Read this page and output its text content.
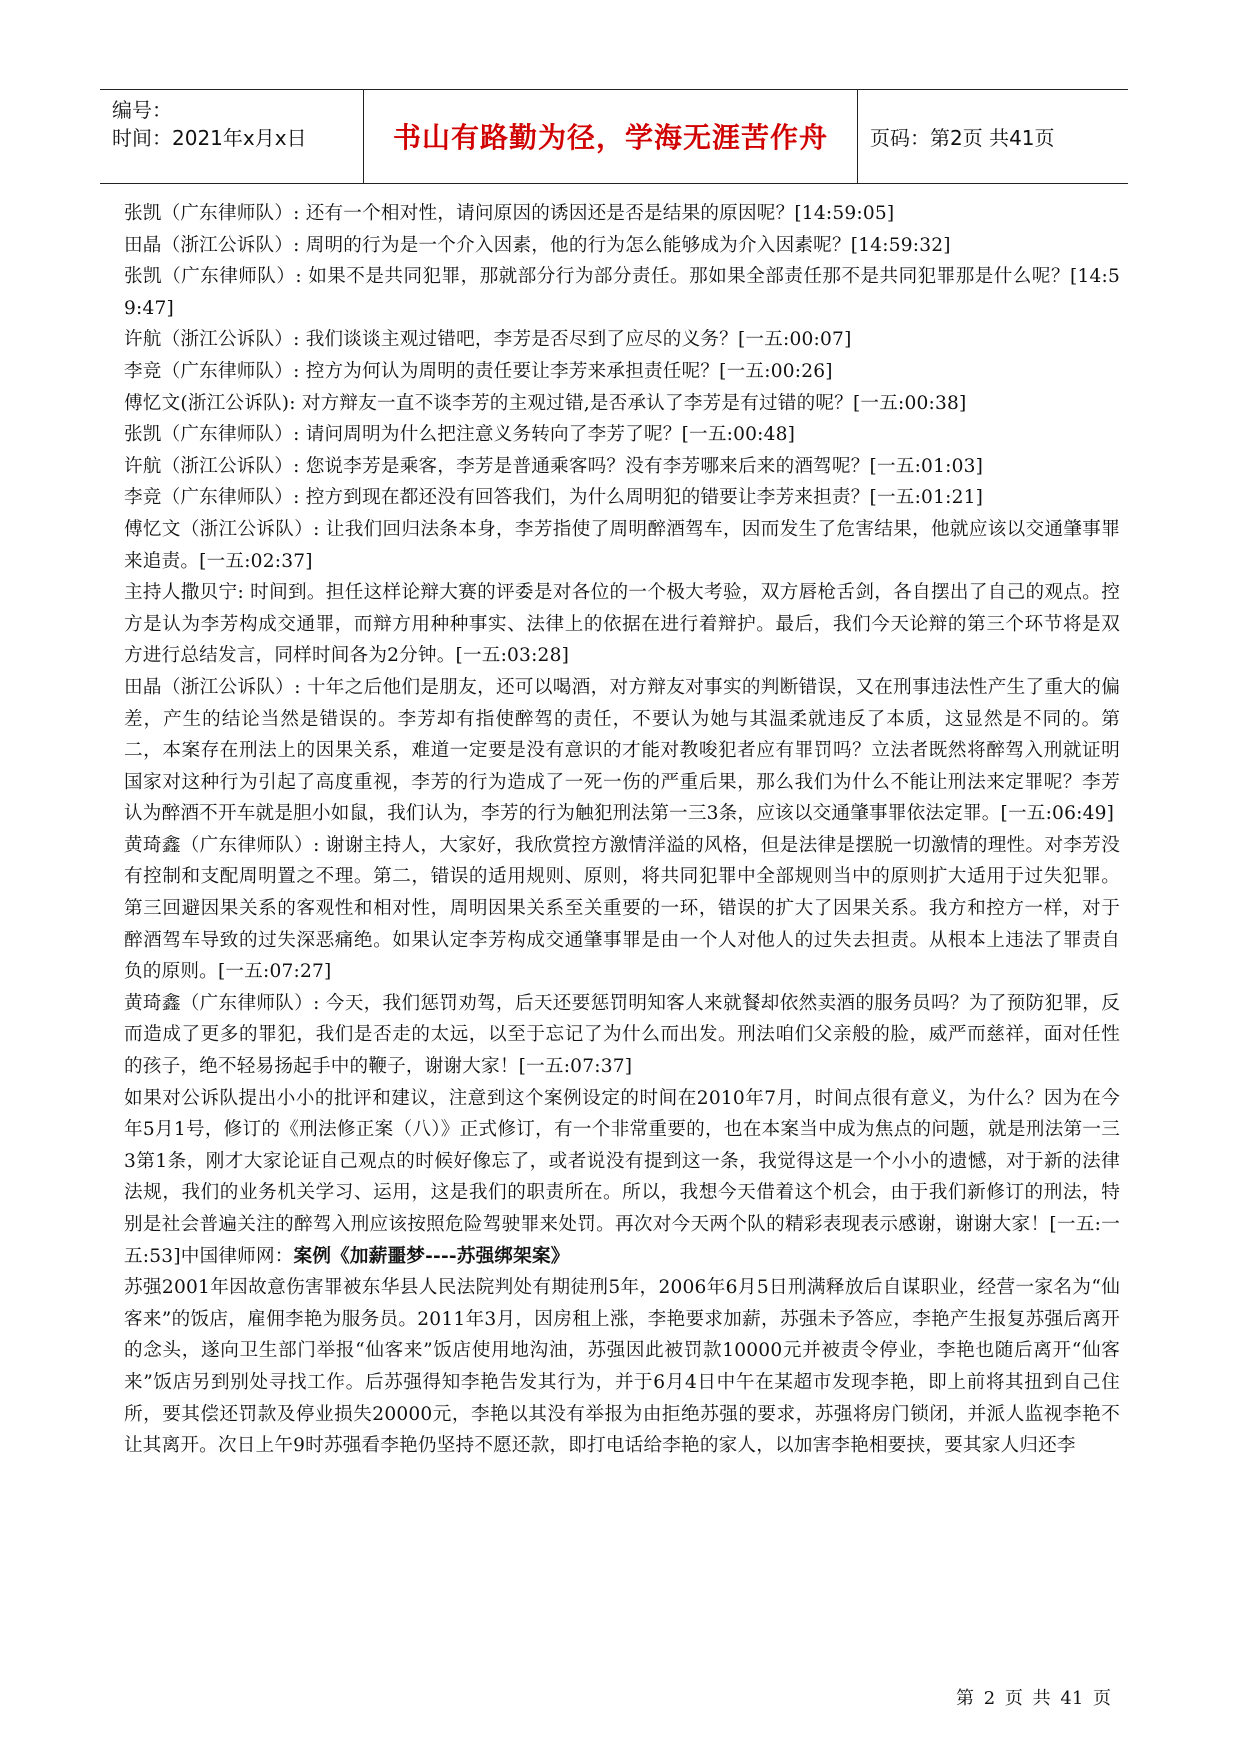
编号：
时间：2021年x月x日	书山有路勤为径，学海无涯苦作舟	页码：第2页 共41页

张凯（广东律师队）: 还有一个相对性，请问原因的诱因还是否是结果的原因呢？[14:59:05]

田晶（浙江公诉队）: 周明的行为是一个介入因素，他的行为怎么能够成为介入因素呢？[14:59:32]

张凯（广东律师队）: 如果不是共同犯罪，那就部分行为部分责任。那如果全部责任那不是共同犯罪那是什么呢？[14:59:47]

许航（浙江公诉队）: 我们谈谈主观过错吧，李芳是否尽到了应尽的义务？[一五:00:07]

李竞（广东律师队）: 控方为何认为周明的责任要让李芳来承担责任呢？[一五:00:26]

傅忆文(浙江公诉队): 对方辩友一直不谈李芳的主观过错,是否承认了李芳是有过错的呢？[一五:00:38]

张凯（广东律师队）: 请问周明为什么把注意义务转向了李芳了呢？[一五:00:48]

许航（浙江公诉队）: 您说李芳是乘客，李芳是普通乘客吗？没有李芳哪来后来的酒驾呢？[一五:01:03]

李竞（广东律师队）: 控方到现在都还没有回答我们，为什么周明犯的错要让李芳来担责？[一五:01:21]

傅忆文（浙江公诉队）: 让我们回归法条本身，李芳指使了周明醉酒驾车，因而发生了危害结果，他就应该以交通肇事罪来追责。[一五:02:37]

主持人撒贝宁: 时间到。担任这样论辩大赛的评委是对各位的一个极大考验，双方唇枪舌剑，各自摆出了自己的观点。控方是认为李芳构成交通罪，而辩方用种种事实、法律上的依据在进行着辩护。最后，我们今天论辩的第三个环节将是双方进行总结发言，同样时间各为2分钟。[一五:03:28]

田晶（浙江公诉队）: 十年之后他们是朋友，还可以喝酒，对方辩友对事实的判断错误，又在刑事违法性产生了重大的偏差，产生的结论当然是错误的。李芳却有指使醉驾的责任，不要认为她与其温柔就违反了本质，这显然是不同的。第二，本案存在刑法上的因果关系，难道一定要是没有意识的才能对教唆犯者应有罪罚吗？立法者既然将醉驾入刑就证明国家对这种行为引起了高度重视，李芳的行为造成了一死一伤的严重后果，那么我们为什么不能让刑法来定罪呢？李芳认为醉酒不开车就是胆小如鼠，我们认为，李芳的行为触犯刑法第一三3条，应该以交通肇事罪依法定罪。[一五:06:49]

黄琦鑫（广东律师队）: 谢谢主持人，大家好，我欣赏控方激情洋溢的风格，但是法律是摆脱一切激情的理性。对李芳没有控制和支配周明置之不理。第二，错误的适用规则、原则，将共同犯罪中全部规则当中的原则扩大适用于过失犯罪。第三回避因果关系的客观性和相对性，周明因果关系至关重要的一环，错误的扩大了因果关系。我方和控方一样，对于醉酒驾车导致的过失深恶痛绝。如果认定李芳构成交通肇事罪是由一个人对他人的过失去担责。从根本上违法了罪责自负的原则。[一五:07:27]

黄琦鑫（广东律师队）: 今天，我们惩罚劝驾，后天还要惩罚明知客人来就餐却依然卖酒的服务员吗？为了预防犯罪，反而造成了更多的罪犯，我们是否走的太远，以至于忘记了为什么而出发。刑法咱们父亲般的脸，威严而慈祥，面对任性的孩子，绝不轻易扬起手中的鞭子，谢谢大家！[一五:07:37]

如果对公诉队提出小小的批评和建议，注意到这个案例设定的时间在2010年7月，时间点很有意义，为什么？因为在今年5月1号，修订的《刑法修正案（八）》正式修订，有一个非常重要的，也在本案当中成为焦点的问题，就是刑法第一三3第1条，刚才大家论证自己观点的时候好像忘了，或者说没有提到这一条，我觉得这是一个小小的遗憾，对于新的法律法规，我们的业务机关学习、运用，这是我们的职责所在。所以，我想今天借着这个机会，由于我们新修订的刑法，特别是社会普遍关注的醉驾入刑应该按照危险驾驶罪来处罚。再次对今天两个队的精彩表现表示感谢，谢谢大家！[一五:一五:53]中国律师网：案例《加薪噩梦----苏强绑架案》

苏强2001年因故意伤害罪被东华县人民法院判处有期徒刑5年，2006年6月5日刑满释放后自谋职业，经营一家名为“仙客来”的饭店，雇佣李艳为服务员。2011年3月，因房租上涨，李艳要求加薪，苏强未予答应，李艳产生报复苏强后离开的念头，遂向卫生部门举报“仙客来”饭店使用地沟油，苏强因此被罚款10000元并被责令停业，李艳也随后离开“仙客来”饭店另到别处寻找工作。后苏强得知李艳告发其行为，并于6月4日中午在某超市发现李艳，即上前将其扭到自己住所，要其偿还罚款及停业损失20000元，李艳以其没有举报为由拒绝苏强的要求，苏强将房门锁闭，并派人监视李艳不让其离开。次日上午9时苏强看李艳仍坚持不愿还款，即打电话给李艳的家人，以加害李艳相要挟，要其家人归还李

第 2 页 共 41 页
